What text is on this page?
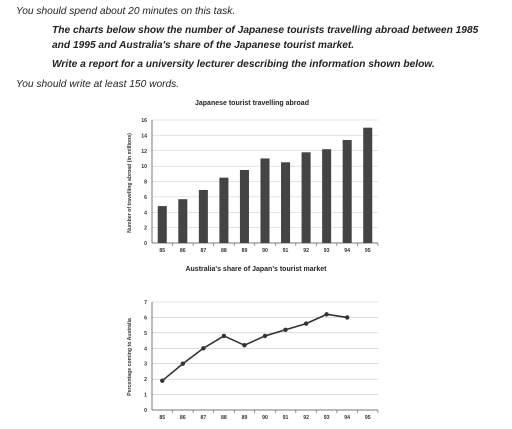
You should spend about 20 minutes on this task.
The charts below show the number of Japanese tourists travelling abroad between 1985
and 1995 and Australia's share of the Japanese tourist market.
Write a report for a university lecturer describing the information shown below.
You should write at least 150 words.
Japanese tourist travelling abroad
Number of travelling abroad (in millions)
0
2
4
6
8
10
12
14
16
85	86	87	88	89	90	91	92	93	94	95
Australia's share of Japan's tourist market
Percentage coming to Australia
0
1
2
3
4
5
6
7
85	86	87	88	89	90	91	92	93	94	95
